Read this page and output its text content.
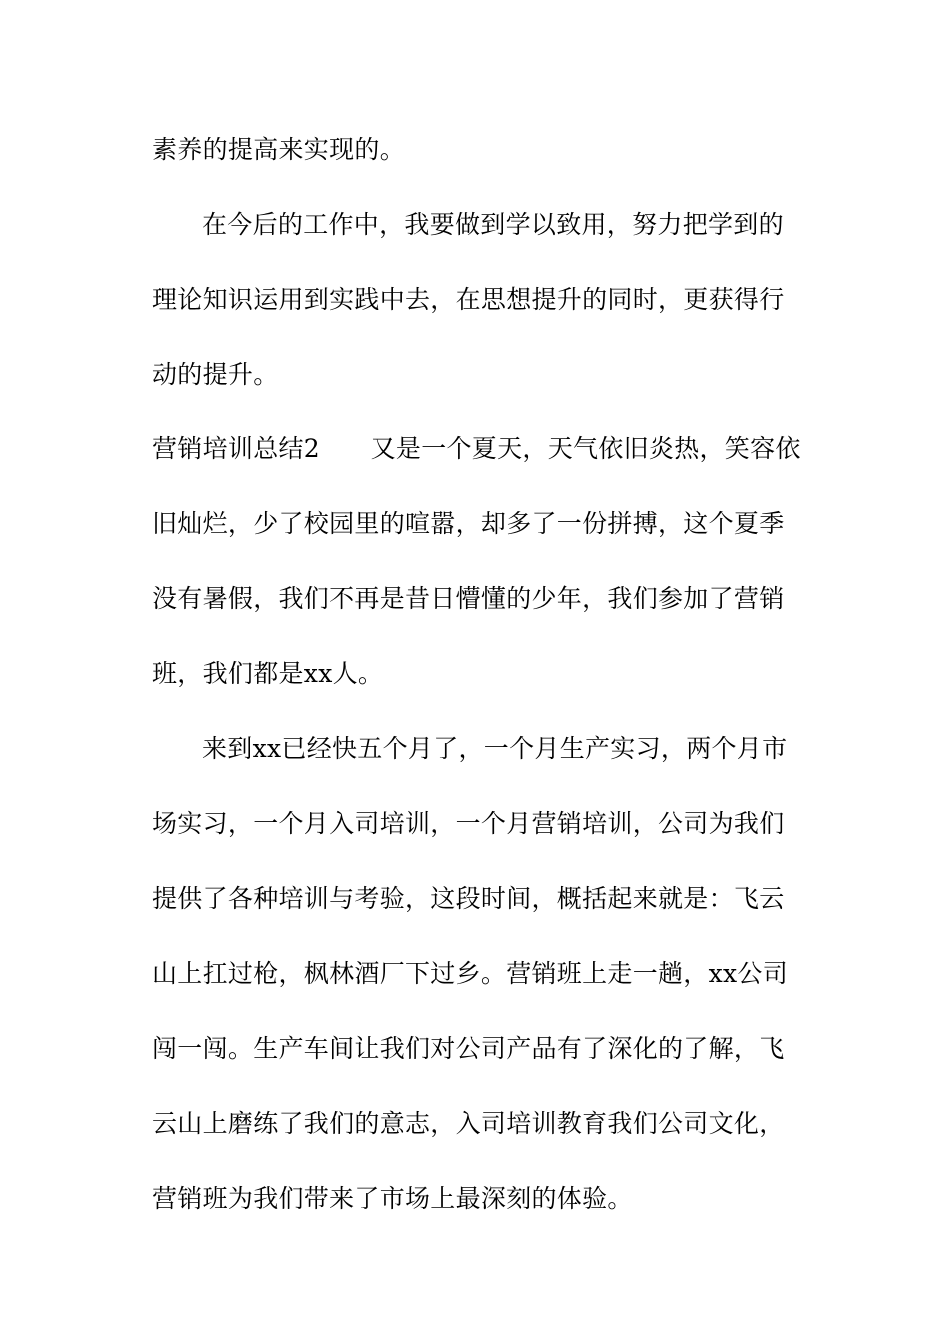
素养的提高来实现的。
在今后的工作中，我要做到学以致用，努力把学到的
理论知识运用到实践中去，在思想提升的同时，更获得行
动的提升。
营销培训总结2　　又是一个夏天，天气依旧炎热，笑容依
旧灿烂，少了校园里的喧嚣，却多了一份拼搏，这个夏季
没有暑假，我们不再是昔日懵懂的少年，我们参加了营销
班，我们都是xx人。
来到xx已经快五个月了，一个月生产实习，两个月市
场实习，一个月入司培训，一个月营销培训，公司为我们
提供了各种培训与考验，这段时间，概括起来就是：飞云
山上扛过枪，枫林酒厂下过乡。营销班上走一趟，xx公司
闯一闯。生产车间让我们对公司产品有了深化的了解，飞
云山上磨练了我们的意志，入司培训教育我们公司文化，
营销班为我们带来了市场上最深刻的体验。
